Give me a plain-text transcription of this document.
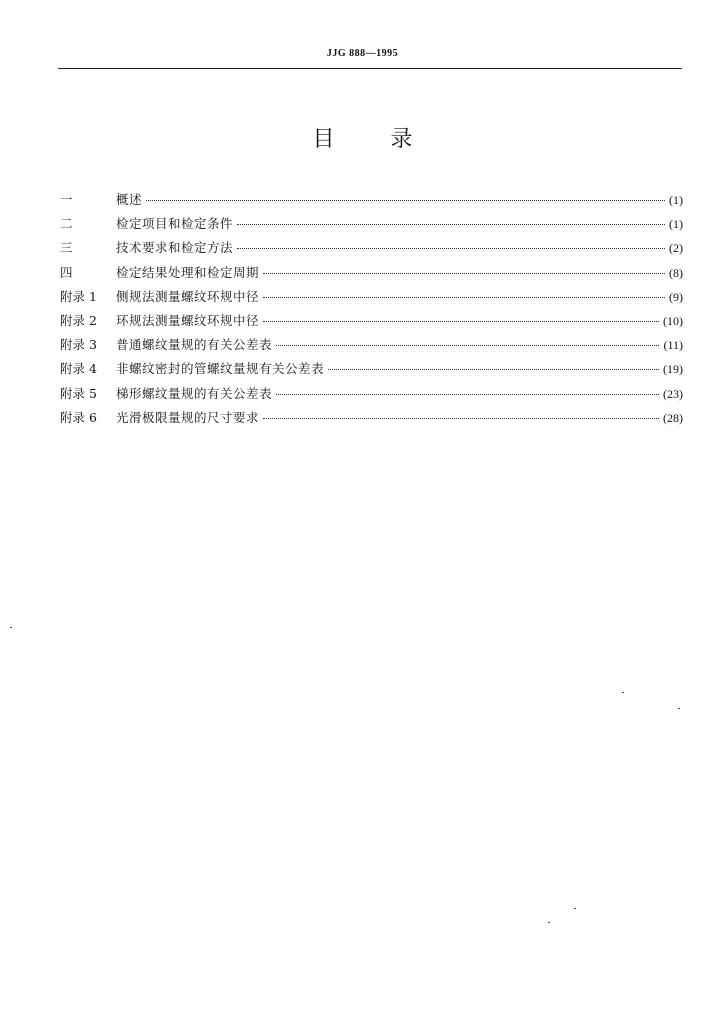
JJG 888—1995
目	录
一	概述	(1)
二	检定项目和检定条件	(1)
三	技术要求和检定方法	(2)
四	检定结果处理和检定周期	(8)
附录 1	侧规法测量螺纹环规中径	(9)
附录 2	环规法测量螺纹环规中径	(10)
附录 3	普通螺纹量规的有关公差表	(11)
附录 4	非螺纹密封的管螺纹量规有关公差表	(19)
附录 5	梯形螺纹量规的有关公差表	(23)
附录 6	光滑极限量规的尺寸要求	(28)
